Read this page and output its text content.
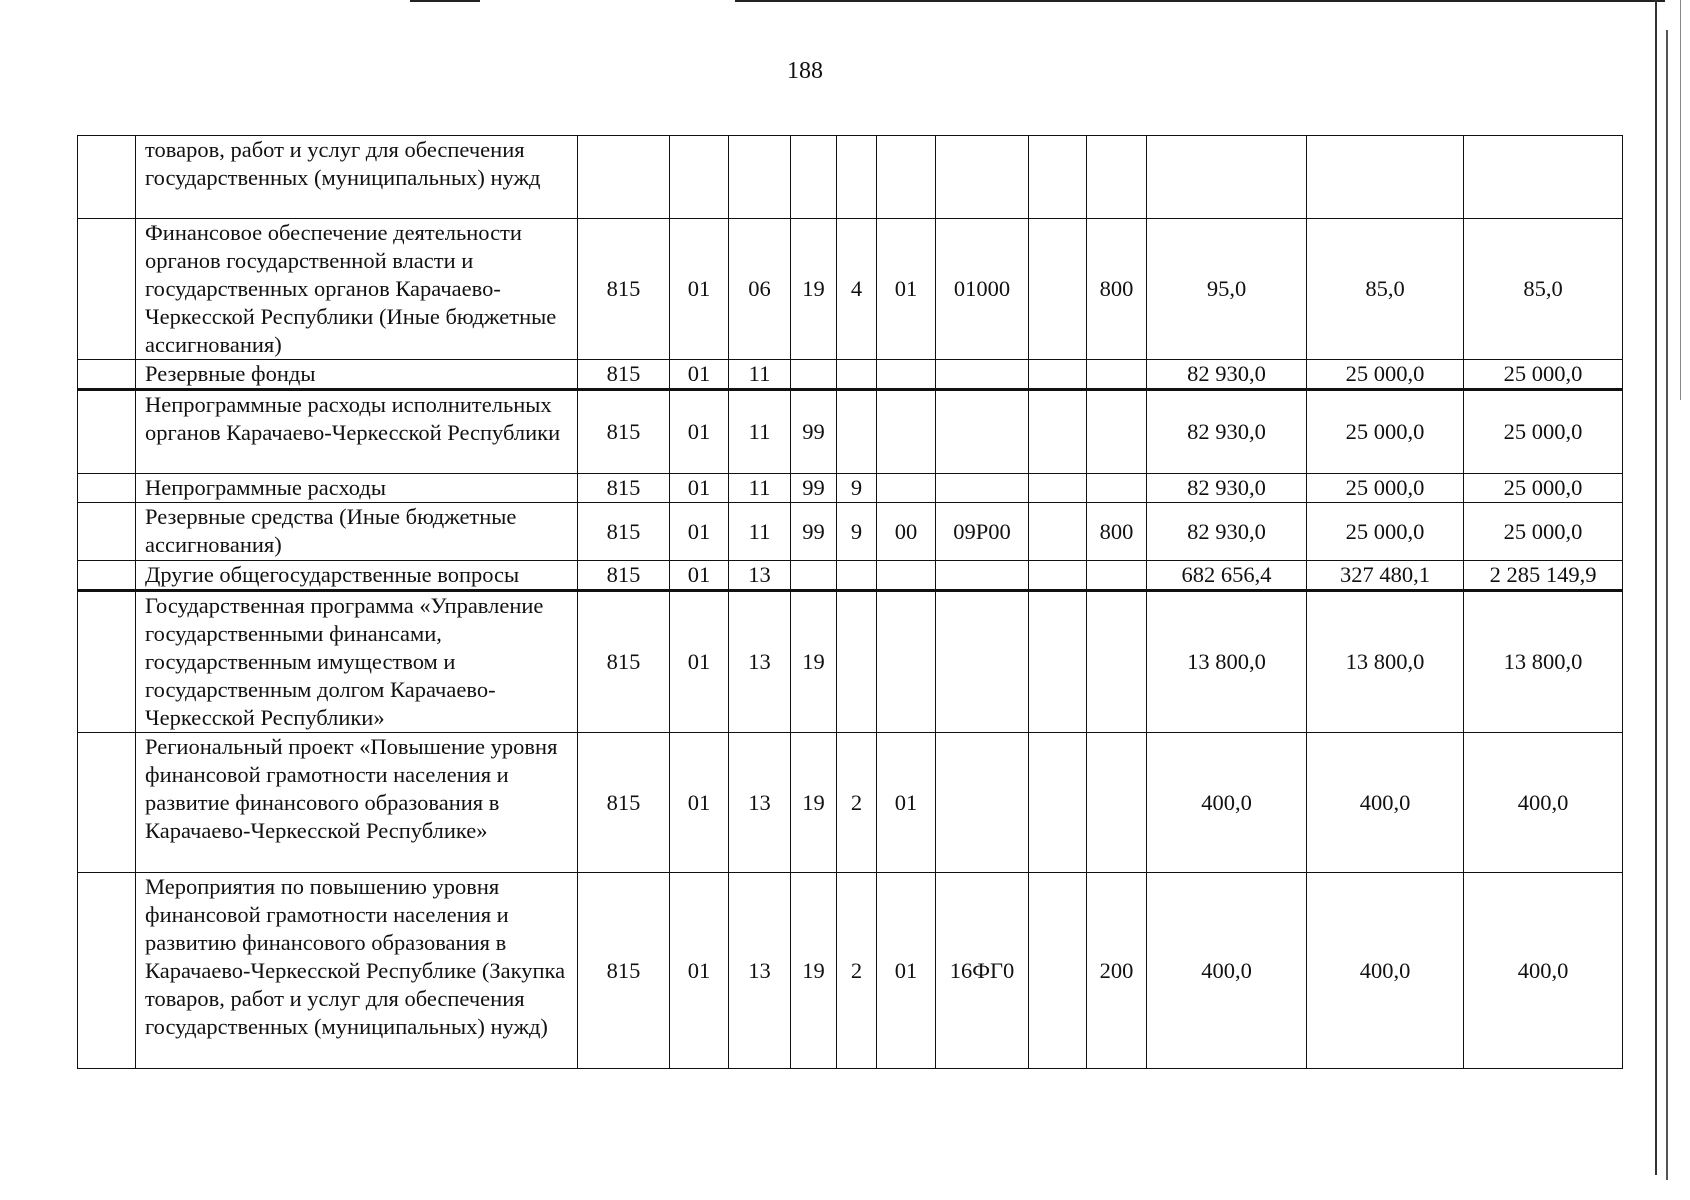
188
	товаров, работ и услуг для обеспечения государственных (муниципальных) нужд												
	Финансовое обеспечение деятельности органов государственной власти и государственных органов Карачаево-Черкесской Республики (Иные бюджетные ассигнования)	815	01	06	19	4	01	01000		800	95,0	85,0	85,0
	Резервные фонды	815	01	11							82 930,0	25 000,0	25 000,0
	Непрограммные расходы исполнительных органов Карачаево-Черкесской Республики	815	01	11	99						82 930,0	25 000,0	25 000,0
	Непрограммные расходы	815	01	11	99	9					82 930,0	25 000,0	25 000,0
	Резервные средства (Иные бюджетные ассигнования)	815	01	11	99	9	00	09Р00		800	82 930,0	25 000,0	25 000,0
	Другие общегосударственные вопросы	815	01	13							682 656,4	327 480,1	2 285 149,9
	Государственная программа «Управление государственными финансами, государственным имуществом и государственным долгом Карачаево-Черкесской Республики»	815	01	13	19						13 800,0	13 800,0	13 800,0
	Региональный проект «Повышение уровня финансовой грамотности населения и развитие финансового образования в Карачаево-Черкесской Республике»	815	01	13	19	2	01				400,0	400,0	400,0
	Мероприятия по повышению уровня финансовой грамотности населения и развитию финансового образования в Карачаево-Черкесской Республике (Закупка товаров, работ и услуг для обеспечения государственных (муниципальных) нужд)	815	01	13	19	2	01	16ФГ0		200	400,0	400,0	400,0
